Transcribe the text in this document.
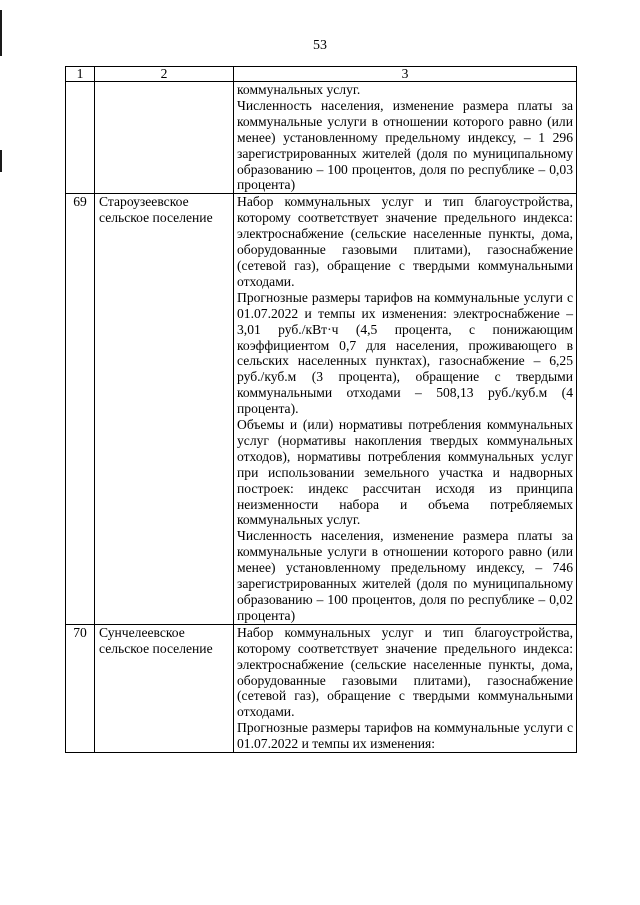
53
1	2	3

		коммунальных услуг.

Численность населения, изменение размера платы за коммунальные услуги в отношении которого равно (или менее) установленному предельному индексу, – 1 296 зарегистрированных жителей (доля по муниципальному образованию – 100 процентов, доля по республике – 0,03 процента)

69	Староузеевское сельское поселение	Набор коммунальных услуг и тип благоустройства, которому соответствует значение предельного индекса: электроснабжение (сельские населенные пункты, дома, оборудованные газовыми плитами), газоснабжение (сетевой газ), обращение с твердыми коммунальными отходами.

Прогнозные размеры тарифов на коммунальные услуги с 01.07.2022 и темпы их изменения: электроснабжение – 3,01 руб./кВт·ч (4,5 процента, с понижающим коэффициентом 0,7 для населения, проживающего в сельских населенных пунктах), газоснабжение – 6,25 руб./куб.м (3 процента), обращение с твердыми коммунальными отходами – 508,13 руб./куб.м (4 процента).

Объемы и (или) нормативы потребления коммунальных услуг (нормативы накопления твердых коммунальных отходов), нормативы потребления коммунальных услуг при использовании земельного участка и надворных построек: индекс рассчитан исходя из принципа неизменности набора и объема потребляемых коммунальных услуг.

Численность населения, изменение размера платы за коммунальные услуги в отношении которого равно (или менее) установленному предельному индексу, – 746 зарегистрированных жителей (доля по муниципальному образованию – 100 процентов, доля по республике – 0,02 процента)

70	Сунчелеевское сельское поселение	Набор коммунальных услуг и тип благоустройства, которому соответствует значение предельного индекса: электроснабжение (сельские населенные пункты, дома, оборудованные газовыми плитами), газоснабжение (сетевой газ), обращение с твердыми коммунальными отходами.

Прогнозные размеры тарифов на коммунальные услуги с 01.07.2022 и темпы их изменения:
